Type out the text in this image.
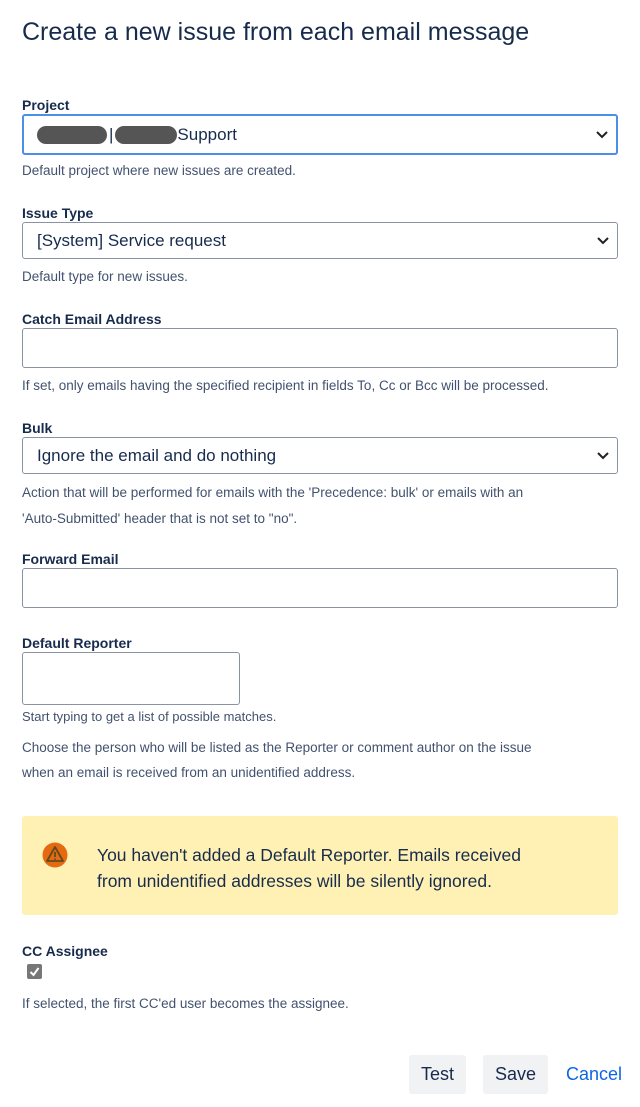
Create a new issue from each email message
Project
|	Support
Default project where new issues are created.
Issue Type
[System] Service request
Default type for new issues.
Catch Email Address
If set, only emails having the specified recipient in fields To, Cc or Bcc will be processed.
Bulk
Ignore the email and do nothing
Action that will be performed for emails with the 'Precedence: bulk' or emails with an
'Auto-Submitted' header that is not set to "no".
Forward Email
Default Reporter
Start typing to get a list of possible matches.
Choose the person who will be listed as the Reporter or comment author on the issue
when an email is received from an unidentified address.
You haven't added a Default Reporter. Emails received
from unidentified addresses will be silently ignored.
CC Assignee
If selected, the first CC'ed user becomes the assignee.
Test	Save	Cancel
